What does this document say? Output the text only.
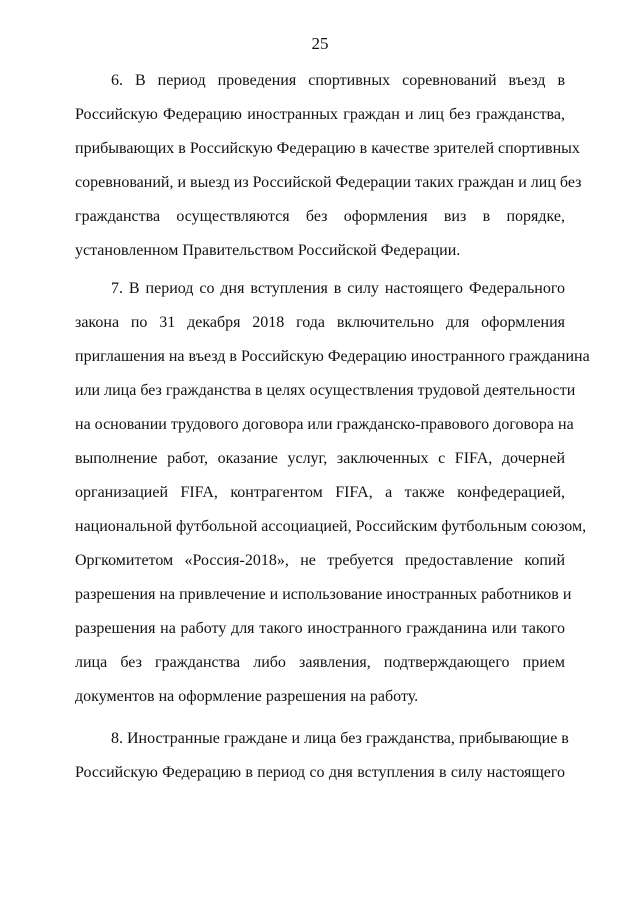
25
6. В период проведения спортивных соревнований въезд в
Российскую Федерацию иностранных граждан и лиц без гражданства,
прибывающих в Российскую Федерацию в качестве зрителей спортивных
соревнований, и выезд из Российской Федерации таких граждан и лиц без
гражданства осуществляются без оформления виз в порядке,
установленном Правительством Российской Федерации.
7. В период со дня вступления в силу настоящего Федерального
закона по 31 декабря 2018 года включительно для оформления
приглашения на въезд в Российскую Федерацию иностранного гражданина
или лица без гражданства в целях осуществления трудовой деятельности
на основании трудового договора или гражданско-правового договора на
выполнение работ, оказание услуг, заключенных с FIFA, дочерней
организацией FIFA, контрагентом FIFA, а также конфедерацией,
национальной футбольной ассоциацией, Российским футбольным союзом,
Оргкомитетом «Россия-2018», не требуется предоставление копий
разрешения на привлечение и использование иностранных работников и
разрешения на работу для такого иностранного гражданина или такого
лица без гражданства либо заявления, подтверждающего прием
документов на оформление разрешения на работу.
8. Иностранные граждане и лица без гражданства, прибывающие в
Российскую Федерацию в период со дня вступления в силу настоящего
